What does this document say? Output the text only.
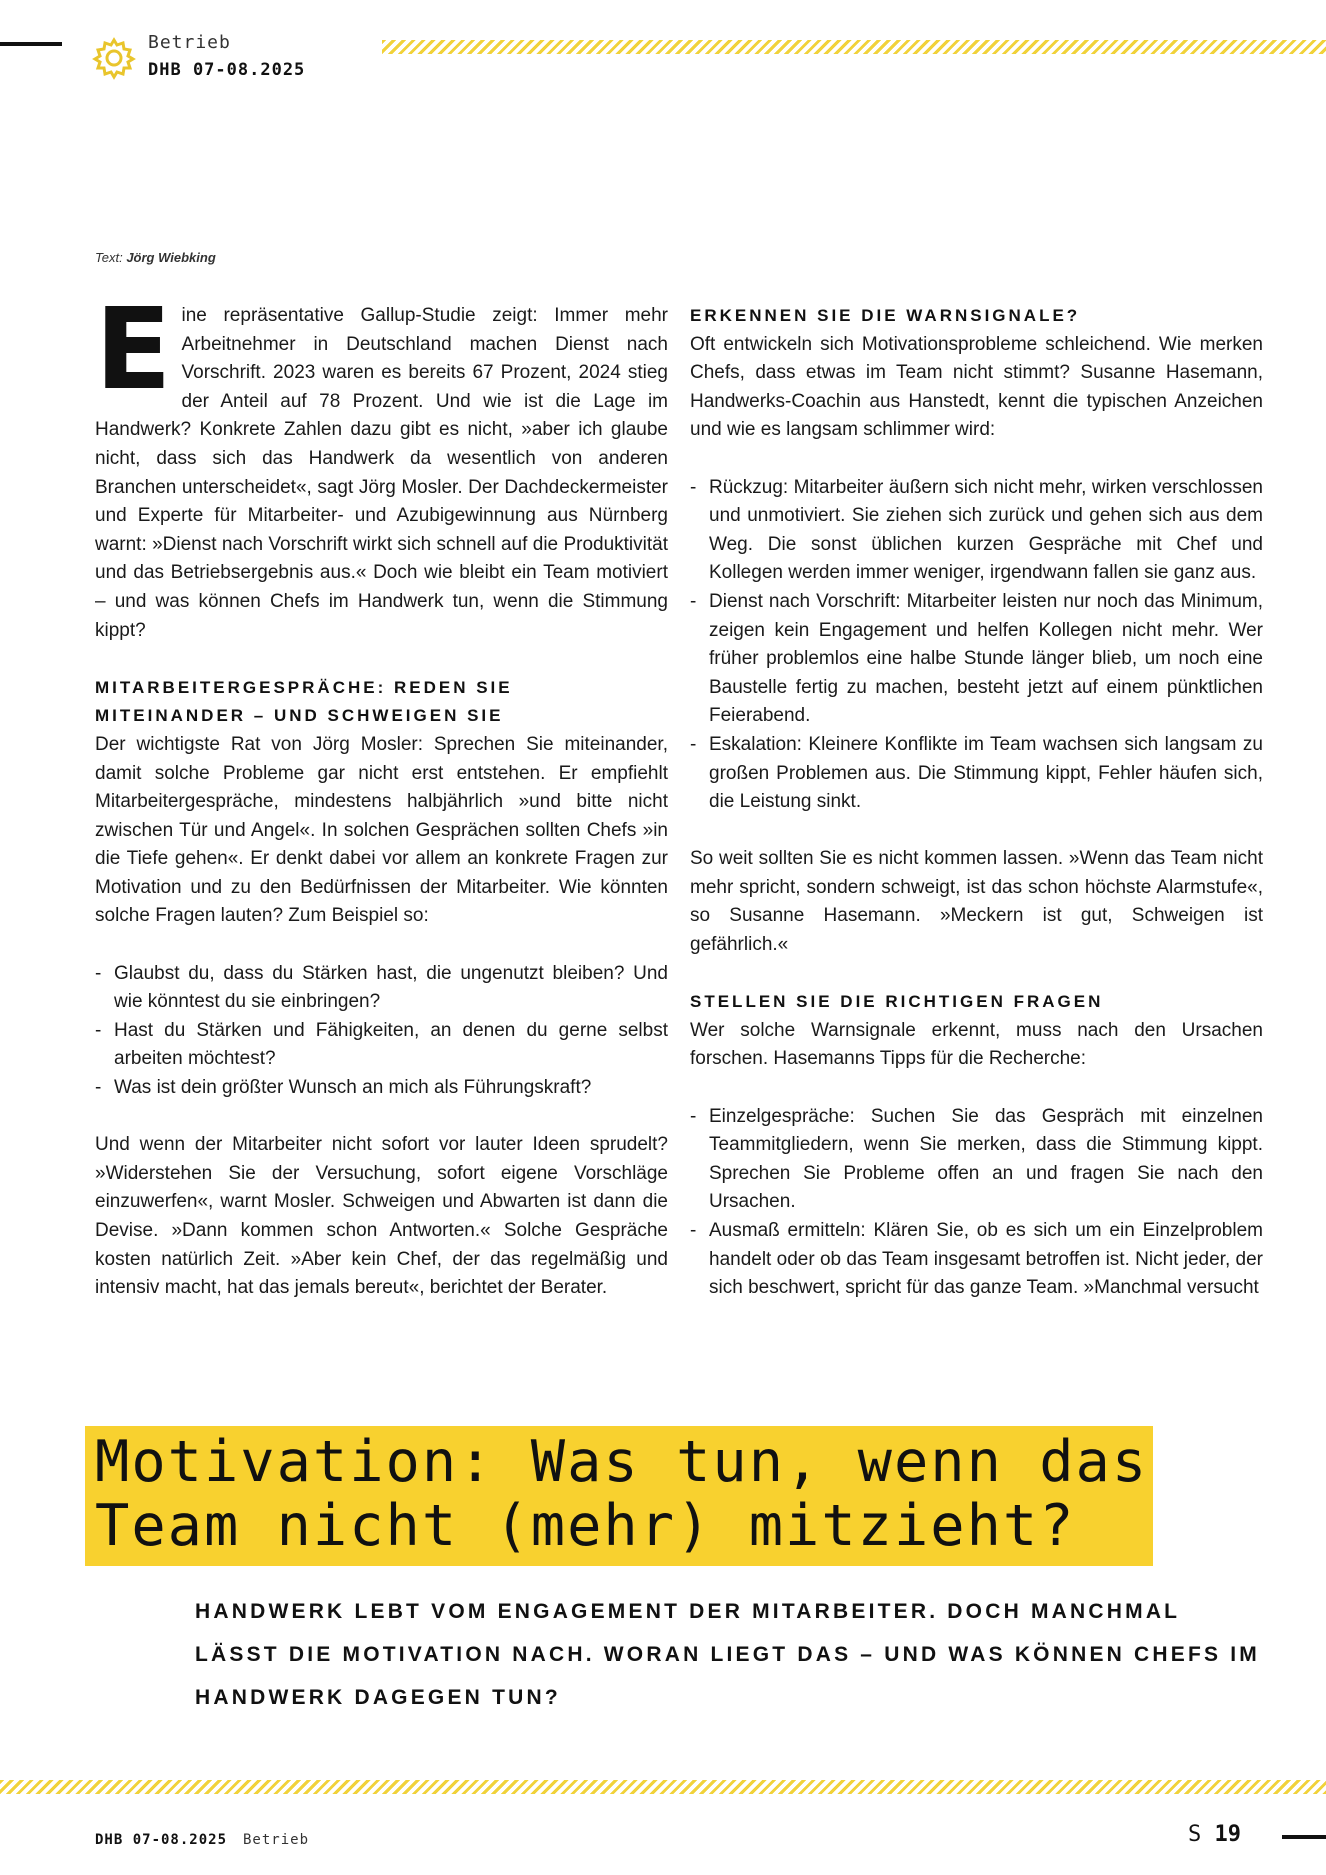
Betrieb
DHB 07-08.2025
Text: Jörg Wiebking

E ine repräsentative Gallup-Studie zeigt: Immer mehr Arbeitnehmer in Deutschland machen Dienst nach Vorschrift. 2023 waren es bereits 67 Prozent, 2024 stieg der Anteil auf 78 Prozent. Und wie ist die Lage im Handwerk? Konkrete Zahlen dazu gibt es nicht, »aber ich glaube nicht, dass sich das Handwerk da wesentlich von anderen Branchen unterscheidet«, sagt Jörg Mosler. Der Dachdeckermeister und Experte für Mitarbeiter- und Azubigewinnung aus Nürnberg warnt: »Dienst nach Vorschrift wirkt sich schnell auf die Produktivität und das Betriebsergebnis aus.« Doch wie bleibt ein Team motiviert – und was können Chefs im Handwerk tun, wenn die Stimmung kippt?

MITARBEITERGESPRÄCHE: REDEN SIE MITEINANDER – UND SCHWEIGEN SIE

Der wichtigste Rat von Jörg Mosler: Sprechen Sie miteinander, damit solche Probleme gar nicht erst entstehen. Er empfiehlt Mitarbeitergespräche, mindestens halbjährlich »und bitte nicht zwischen Tür und Angel«. In solchen Gesprächen sollten Chefs »in die Tiefe gehen«. Er denkt dabei vor allem an konkrete Fragen zur Motivation und zu den Bedürfnissen der Mitarbeiter. Wie könnten solche Fragen lauten? Zum Beispiel so:

- Glaubst du, dass du Stärken hast, die ungenutzt bleiben? Und wie könntest du sie einbringen?
- Hast du Stärken und Fähigkeiten, an denen du gerne selbst arbeiten möchtest?
- Was ist dein größter Wunsch an mich als Führungskraft?

Und wenn der Mitarbeiter nicht sofort vor lauter Ideen sprudelt? »Widerstehen Sie der Versuchung, sofort eigene Vorschläge einzuwerfen«, warnt Mosler. Schweigen und Abwarten ist dann die Devise. »Dann kommen schon Antworten.« Solche Gespräche kosten natürlich Zeit. »Aber kein Chef, der das regelmäßig und intensiv macht, hat das jemals bereut«, berichtet der Berater.

ERKENNEN SIE DIE WARNSIGNALE?

Oft entwickeln sich Motivationsprobleme schleichend. Wie merken Chefs, dass etwas im Team nicht stimmt? Susanne Hasemann, Handwerks-Coachin aus Hanstedt, kennt die typischen Anzeichen und wie es langsam schlimmer wird:

- Rückzug: Mitarbeiter äußern sich nicht mehr, wirken verschlossen und unmotiviert. Sie ziehen sich zurück und gehen sich aus dem Weg. Die sonst üblichen kurzen Gespräche mit Chef und Kollegen werden immer weniger, irgendwann fallen sie ganz aus.
- Dienst nach Vorschrift: Mitarbeiter leisten nur noch das Minimum, zeigen kein Engagement und helfen Kollegen nicht mehr. Wer früher problemlos eine halbe Stunde länger blieb, um noch eine Baustelle fertig zu machen, besteht jetzt auf einem pünktlichen Feierabend.
- Eskalation: Kleinere Konflikte im Team wachsen sich langsam zu großen Problemen aus. Die Stimmung kippt, Fehler häufen sich, die Leistung sinkt.

So weit sollten Sie es nicht kommen lassen. »Wenn das Team nicht mehr spricht, sondern schweigt, ist das schon höchste Alarmstufe«, so Susanne Hasemann. »Meckern ist gut, Schweigen ist gefährlich.«

STELLEN SIE DIE RICHTIGEN FRAGEN

Wer solche Warnsignale erkennt, muss nach den Ursachen forschen. Hasemanns Tipps für die Recherche:

- Einzelgespräche: Suchen Sie das Gespräch mit einzelnen Teammitgliedern, wenn Sie merken, dass die Stimmung kippt. Sprechen Sie Probleme offen an und fragen Sie nach den Ursachen.
- Ausmaß ermitteln: Klären Sie, ob es sich um ein Einzelproblem handelt oder ob das Team insgesamt betroffen ist. Nicht jeder, der sich beschwert, spricht für das ganze Team. »Manchmal versucht
Motivation: Was tun, wenn das
Team nicht (mehr) mitzieht?
HANDWERK LEBT VOM ENGAGEMENT DER MITARBEITER. DOCH MANCHMAL LÄSST DIE MOTIVATION NACH. WORAN LIEGT DAS – UND WAS KÖNNEN CHEFS IM HANDWERK DAGEGEN TUN?
DHB 07-08.2025 Betrieb	S 19
